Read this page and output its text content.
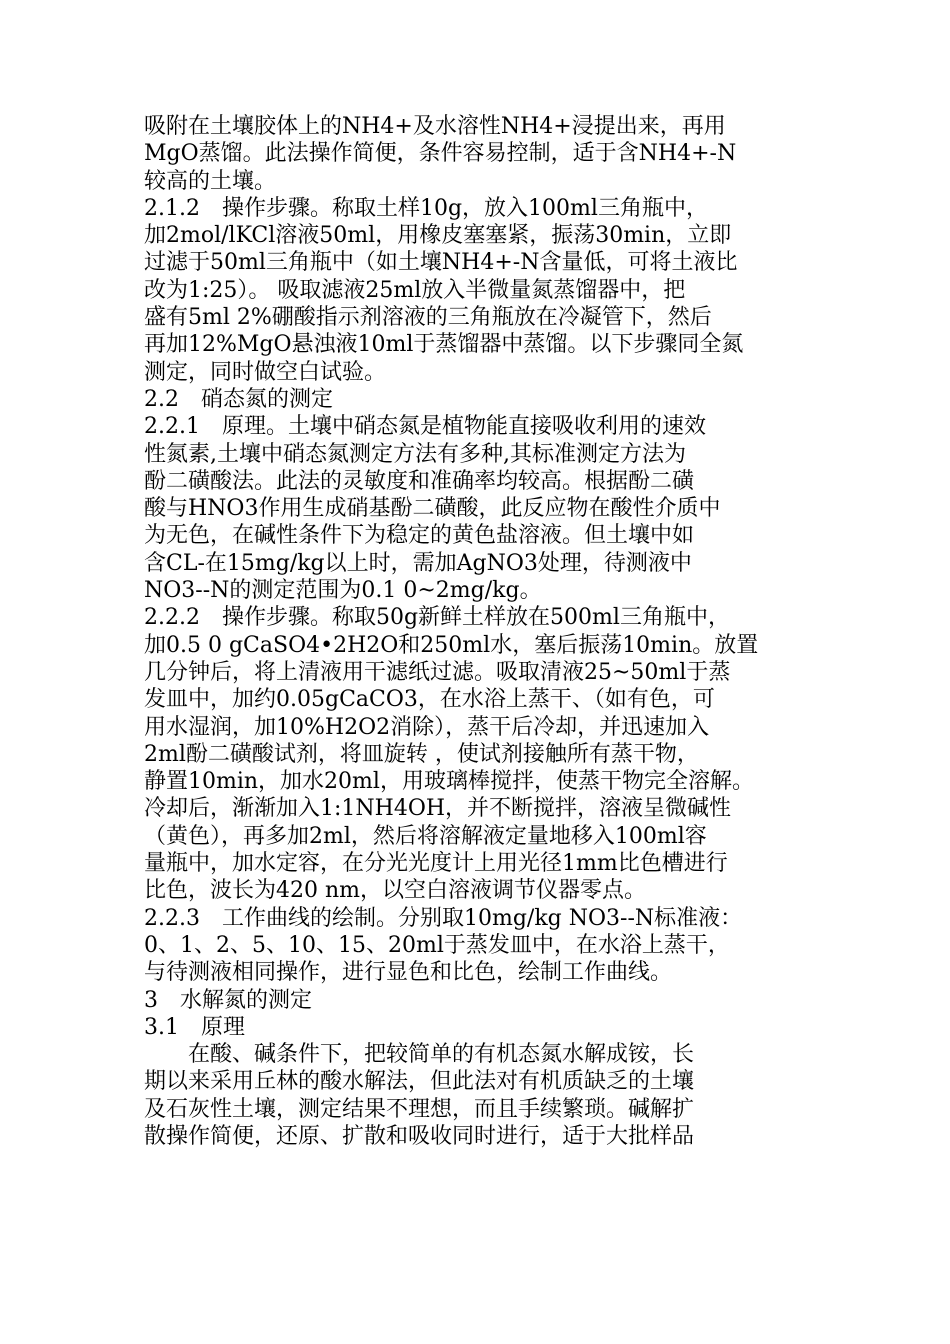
吸附在土壤胶体上的NH4+及水溶性NH4+浸提出来，再用
MgO蒸馏。此法操作简便，条件容易控制，适于含NH4+-N
较高的土壤。
2.1.2　操作步骤。称取土样10g，放入100ml三角瓶中，
加2mol/lKCl溶液50ml，用橡皮塞塞紧，振荡30min，立即
过滤于50ml三角瓶中（如土壤NH4+-N含量低，可将土液比
改为1:25）。 吸取滤液25ml放入半微量氮蒸馏器中，把
盛有5ml 2%硼酸指示剂溶液的三角瓶放在冷凝管下，然后
再加12%MgO悬浊液10ml于蒸馏器中蒸馏。以下步骤同全氮
测定，同时做空白试验。
2.2　硝态氮的测定
2.2.1　原理。土壤中硝态氮是植物能直接吸收利用的速效
性氮素,土壤中硝态氮测定方法有多种,其标准测定方法为
酚二磺酸法。此法的灵敏度和准确率均较高。根据酚二磺
酸与HNO3作用生成硝基酚二磺酸，此反应物在酸性介质中
为无色，在碱性条件下为稳定的黄色盐溶液。但土壤中如
含CL-在15mg/kg以上时，需加AgNO3处理，待测液中
NO3--N的测定范围为0.1 0~2mg/kg。
2.2.2　操作步骤。称取50g新鲜土样放在500ml三角瓶中，
加0.5 0 gCaSO4•2H2O和250ml水，塞后振荡10min。放置
几分钟后，将上清液用干滤纸过滤。吸取清液25~50ml于蒸
发皿中，加约0.05gCaCO3，在水浴上蒸干、（如有色，可
用水湿润，加10%H2O2消除），蒸干后冷却，并迅速加入
2ml酚二磺酸试剂，将皿旋转 ，使试剂接触所有蒸干物，
静置10min，加水20ml，用玻璃棒搅拌，使蒸干物完全溶解。
冷却后，渐渐加入1:1NH4OH，并不断搅拌，溶液呈微碱性
（黄色），再多加2ml，然后将溶解液定量地移入100ml容
量瓶中，加水定容，在分光光度计上用光径1mm比色槽进行
比色，波长为420 nm，以空白溶液调节仪器零点。
2.2.3　工作曲线的绘制。分别取10mg/kg NO3--N标准液：
0、1、2、5、10、15、20ml于蒸发皿中，在水浴上蒸干，
与待测液相同操作，进行显色和比色，绘制工作曲线。
3　水解氮的测定
3.1　原理
　　在酸、碱条件下，把较简单的有机态氮水解成铵，长
期以来采用丘林的酸水解法，但此法对有机质缺乏的土壤
及石灰性土壤，测定结果不理想，而且手续繁琐。碱解扩
散操作简便，还原、扩散和吸收同时进行，适于大批样品
